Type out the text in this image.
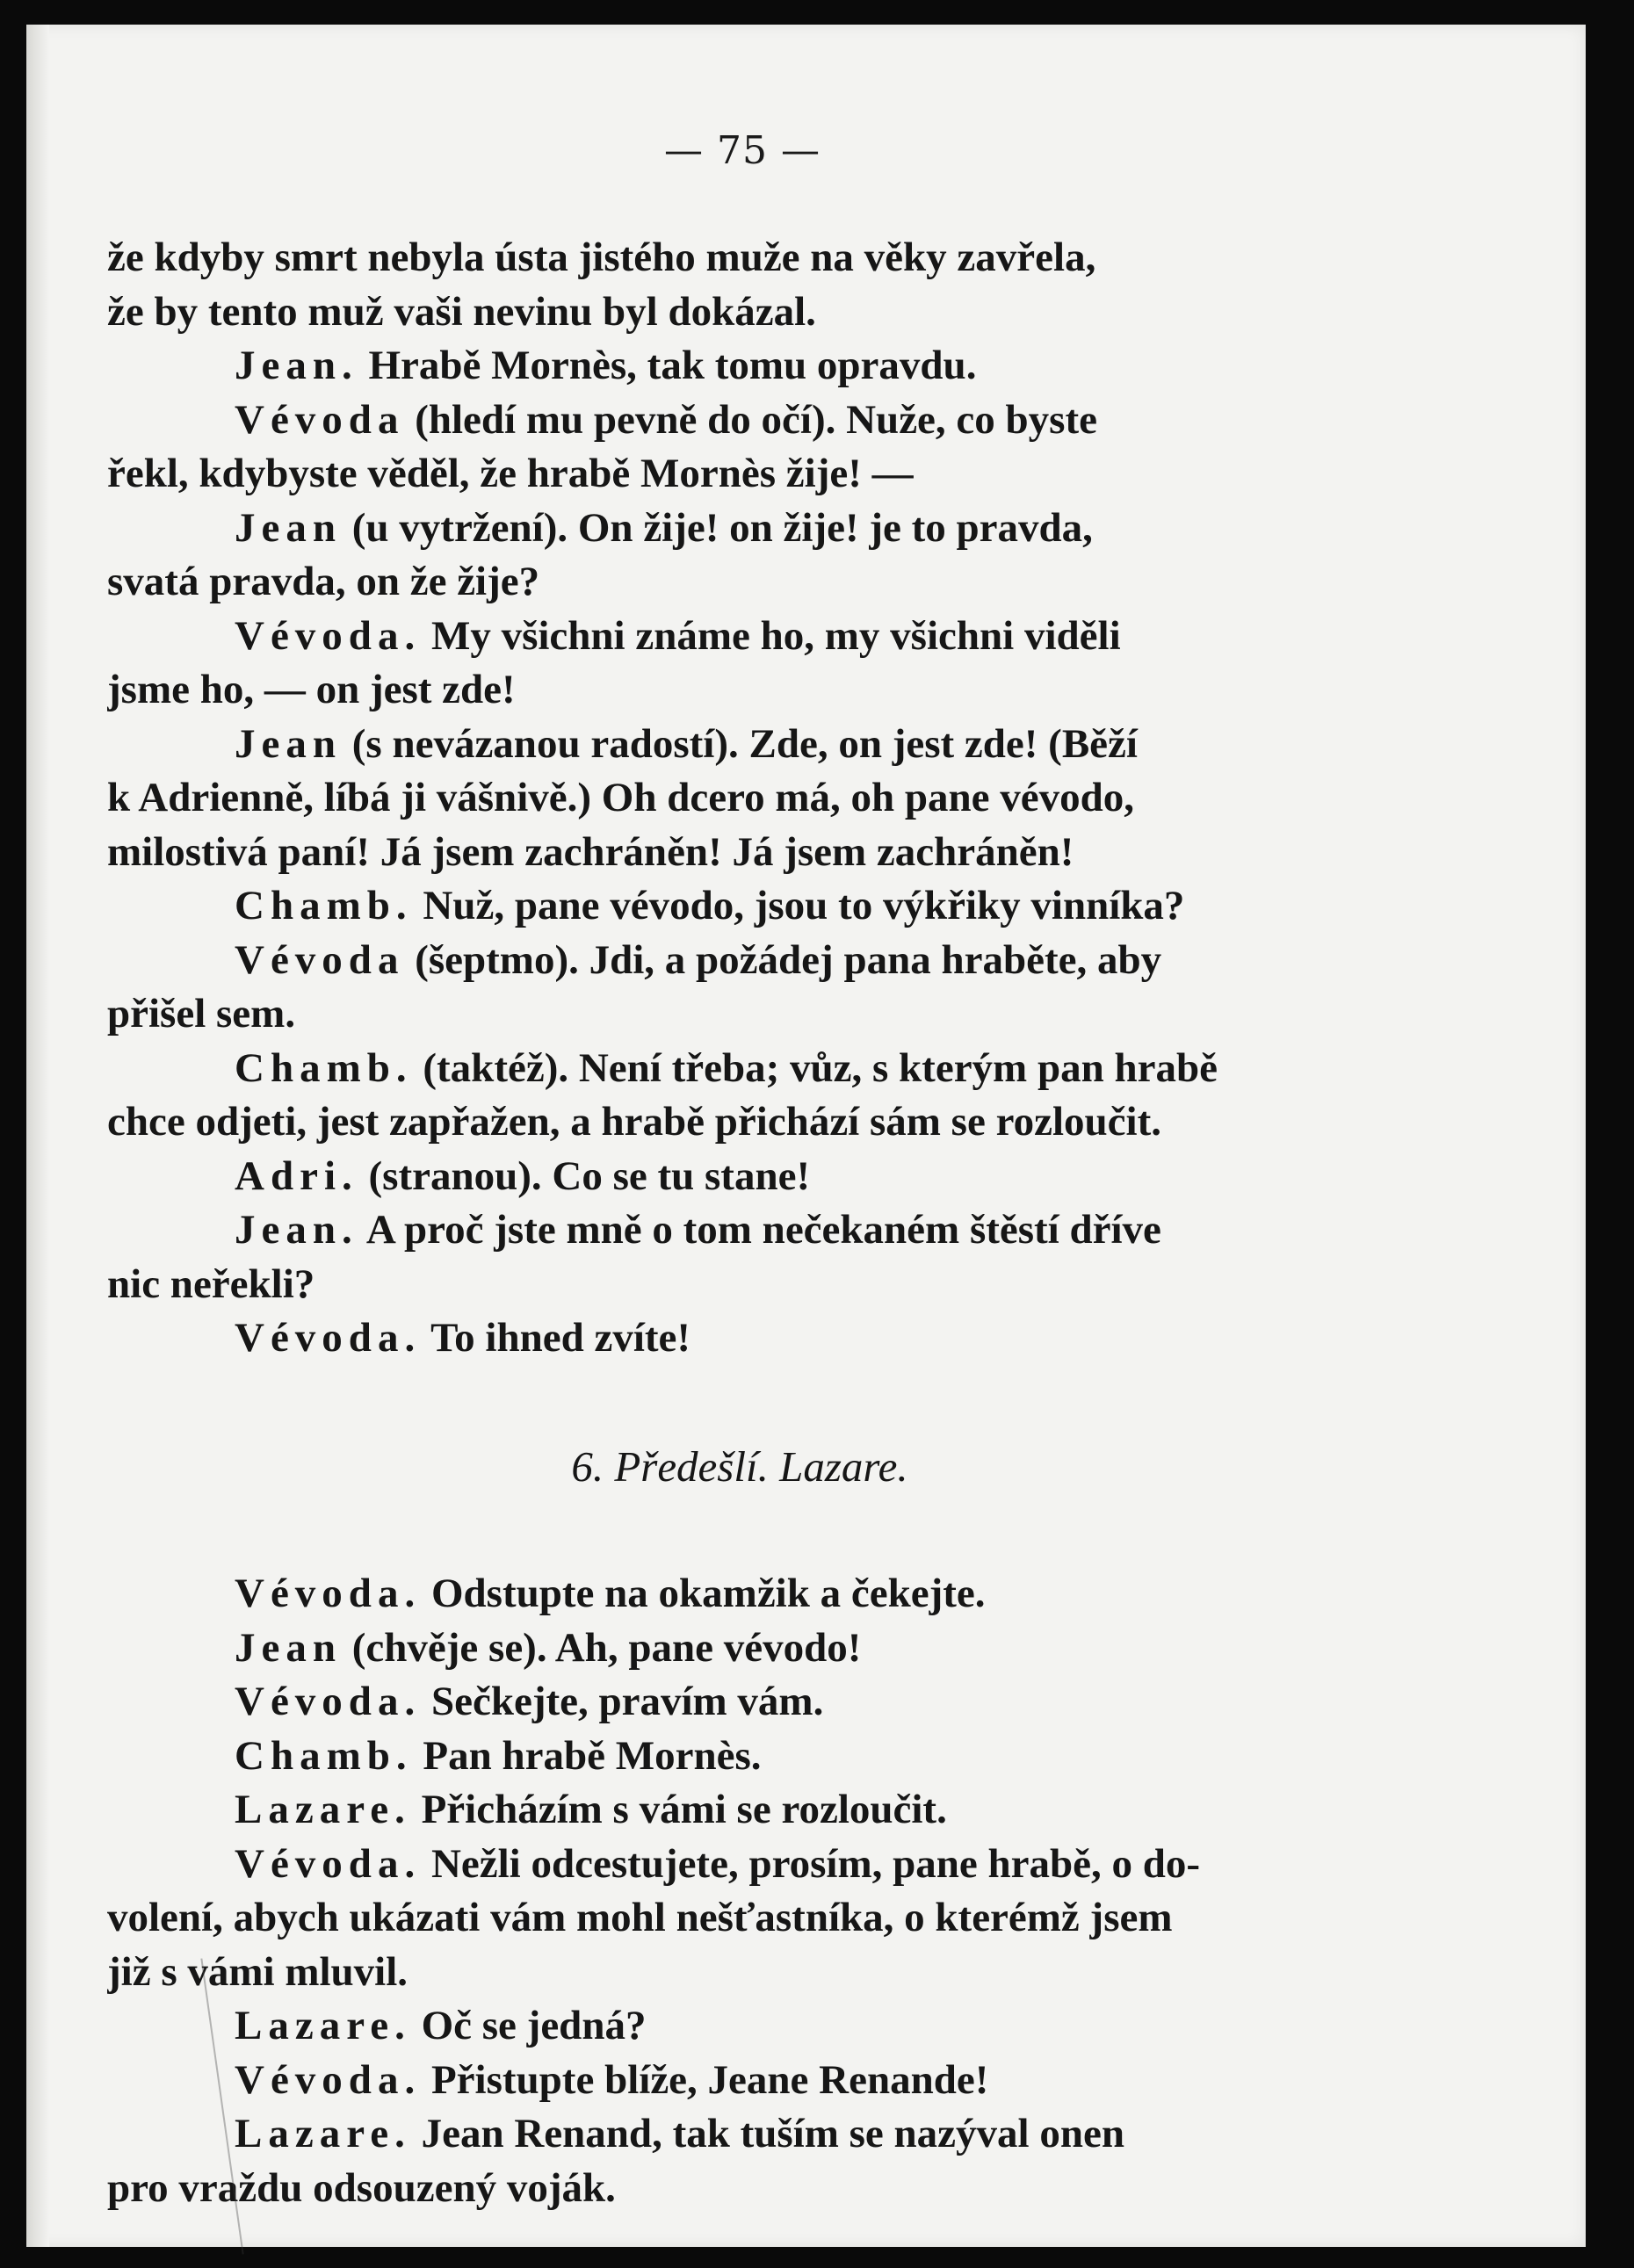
— 75 —
že kdyby smrt nebyla ústa jistého muže na věky zavřela,
že by tento muž vaši nevinu byl dokázal.
Jean. Hrabě Mornès, tak tomu opravdu.
Vévoda (hledí mu pevně do očí). Nuže, co byste
řekl, kdybyste věděl, že hrabě Mornès žije! —
Jean (u vytržení). On žije! on žije! je to pravda,
svatá pravda, on že žije?
Vévoda. My všichni známe ho, my všichni viděli
jsme ho, — on jest zde!
Jean (s nevázanou radostí). Zde, on jest zde! (Běží
k Adrienně, líbá ji vášnivě.) Oh dcero má, oh pane vévodo,
milostivá paní! Já jsem zachráněn! Já jsem zachráněn!
Chamb. Nuž, pane vévodo, jsou to výkřiky vinníka?
Vévoda (šeptmo). Jdi, a požádej pana hraběte, aby
přišel sem.
Chamb. (taktéž). Není třeba; vůz, s kterým pan hrabě
chce odjeti, jest zapřažen, a hrabě přichází sám se rozloučit.
Adri. (stranou). Co se tu stane!
Jean. A proč jste mně o tom nečekaném štěstí dříve
nic neřekli?
Vévoda. To ihned zvíte!
6. Předešlí. Lazare.
Vévoda. Odstupte na okamžik a čekejte.
Jean (chvěje se). Ah, pane vévodo!
Vévoda. Sečkejte, pravím vám.
Chamb. Pan hrabě Mornès.
Lazare. Přicházím s vámi se rozloučit.
Vévoda. Nežli odcestujete, prosím, pane hrabě, o do-
volení, abych ukázati vám mohl nešťastníka, o kterémž jsem
již s vámi mluvil.
Lazare. Oč se jedná?
Vévoda. Přistupte blíže, Jeane Renande!
Lazare. Jean Renand, tak tuším se nazýval onen
pro vraždu odsouzený voják.
